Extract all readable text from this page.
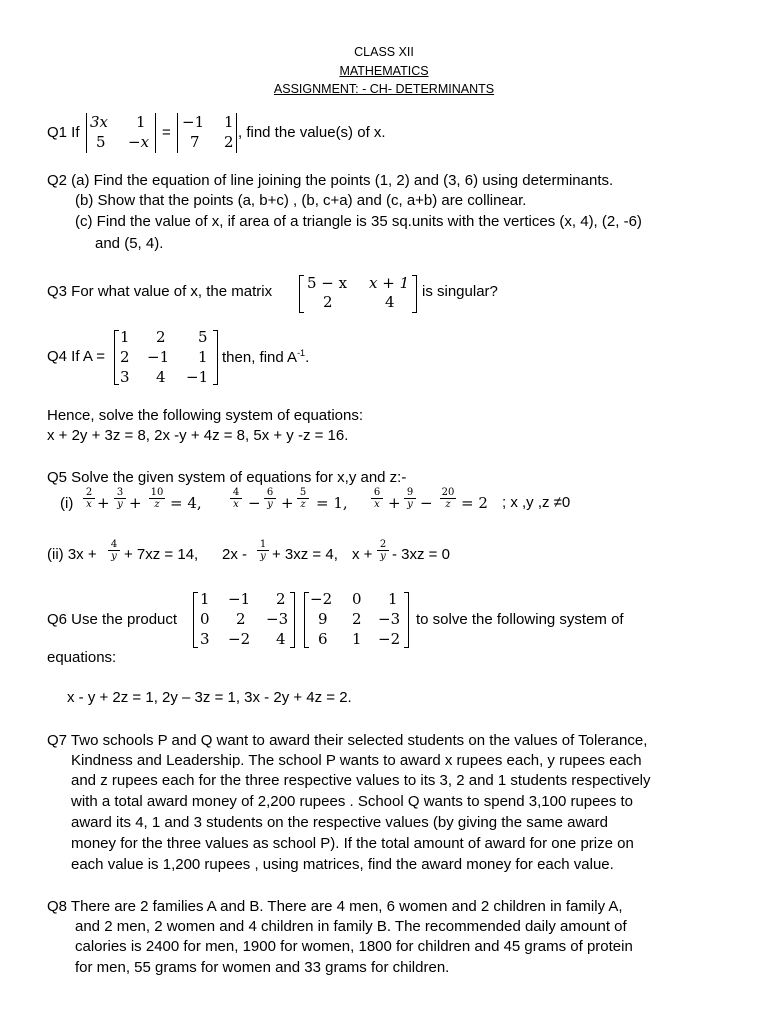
CLASS XII
MATHEMATICS
ASSIGNMENT: - CH- DETERMINANTS
Q1 If
3x 1
5 −x
=
−1 1
7 2
, find the value(s) of x.
Q2 (a) Find the equation of line joining the points (1, 2) and (3, 6) using determinants.
(b) Show that the points (a, b+c) , (b, c+a) and (c, a+b) are collinear.
(c) Find the value of x, if area of a triangle is 35 sq.units with the vertices (x, 4), (2, -6)
and (5, 4).
Q3 For what value of x, the matrix 5 − x x + 1
2	4
is singular?
Q4 If A =
1 2 5
2 −1 1
3 4 −1
then, find $A^{-1}$.
Hence, solve the following system of equations:
x + 2y + 3z = 8, 2x -y + 4z = 8, 5x + y -z = 16.
Q5 Solve the given system of equations for x,y and z:-
$(i) \frac{2}{x} + \frac{3}{y} + \frac{10}{z} = 4$,	$\frac{4}{x} - \frac{6}{y} + \frac{5}{z} = 1$, $\frac{6}{x} + \frac{9}{y} - \frac{20}{z} = 2$ ; x ,y ,z ≠0
(ii) $3x + \frac{4}{y} + 7xz = 14$, $2x - \frac{1}{y} + 3xz = 4$, $x + \frac{2}{y} - 3xz = 0$
Q6 Use the product
1 −1 2
0 2 −3
3 −2 4
−2 0 1
9 2 −3
6 1 −2
to solve the following system of
equations:
x - y + 2z = 1, 2y – 3z = 1, 3x - 2y + 4z = 2.
Q7 Two schools P and Q want to award their selected students on the values of Tolerance,
Kindness and Leadership. The school P wants to award x rupees each, y rupees each
and z rupees each for the three respective values to its 3, 2 and 1 students respectively
with a total award money of 2,200 rupees . School Q wants to spend 3,100 rupees to
award its 4, 1 and 3 students on the respective values (by giving the same award
money for the three values as school P). If the total amount of award for one prize on
each value is 1,200 rupees , using matrices, find the award money for each value.
Q8 There are 2 families A and B. There are 4 men, 6 women and 2 children in family A,
and 2 men, 2 women and 4 children in family B. The recommended daily amount of
calories is 2400 for men, 1900 for women, 1800 for children and 45 grams of protein
for men, 55 grams for women and 33 grams for children.
